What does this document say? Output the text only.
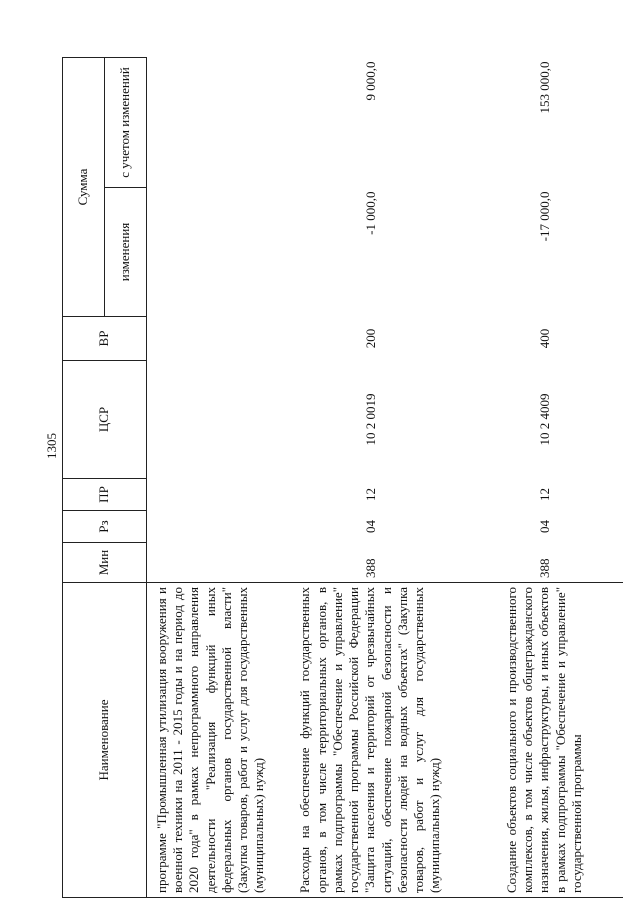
1305
Наименование	Мин	Рз	ПР	ЦСР	ВР	Сумма	
						изменения	с учетом изменений
программе "Промышленная утилизация вооружения и военной техники на 2011 - 2015 годы и на период до 2020 года" в рамках непрограммного направления деятельности "Реализация функций иных федеральных органов государственной власти" (Закупка товаров, работ и услуг для государственных (муниципальных) нужд)							
Расходы на обеспечение функций государственных органов, в том числе территориальных органов, в рамках подпрограммы "Обеспечение и управление" государственной программы Российской Федерации "Защита населения и территорий от чрезвычайных ситуаций, обеспечение пожарной безопасности и безопасности людей на водных объектах" (Закупка товаров, работ и услуг для государственных (муниципальных) нужд)	388	04	12	10 2 0019	200	-1 000,0	9 000,0
Создание объектов социального и производственного комплексов, в том числе объектов общегражданского назначения, жилья, инфраструктуры, и иных объектов в рамках подпрограммы "Обеспечение и управление" государственной программы	388	04	12	10 2 4009	400	-17 000,0	153 000,0
